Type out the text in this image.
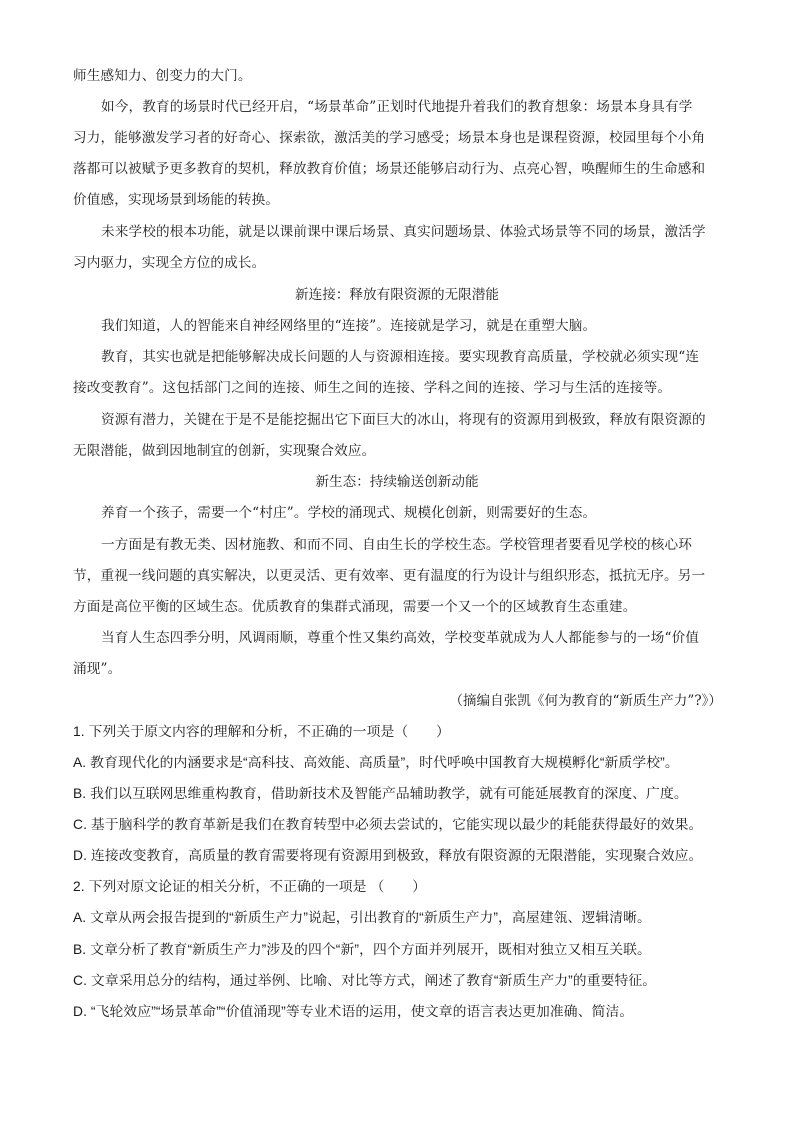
师生感知力、创变力的大门。
如今，教育的场景时代已经开启，“场景革命”正划时代地提升着我们的教育想象：场景本身具有学
习力，能够激发学习者的好奇心、探索欲，激活美的学习感受；场景本身也是课程资源，校园里每个小角
落都可以被赋予更多教育的契机，释放教育价值；场景还能够启动行为、点亮心智，唤醒师生的生命感和
价值感，实现场景到场能的转换。
未来学校的根本功能，就是以课前课中课后场景、真实问题场景、体验式场景等不同的场景，激活学
习内驱力，实现全方位的成长。
新连接：释放有限资源的无限潜能
我们知道，人的智能来自神经网络里的“连接”。连接就是学习，就是在重塑大脑。
教育，其实也就是把能够解决成长问题的人与资源相连接。要实现教育高质量，学校就必须实现“连
接改变教育”。这包括部门之间的连接、师生之间的连接、学科之间的连接、学习与生活的连接等。
资源有潜力，关键在于是不是能挖掘出它下面巨大的冰山，将现有的资源用到极致，释放有限资源的
无限潜能，做到因地制宜的创新，实现聚合效应。
新生态：持续输送创新动能
养育一个孩子，需要一个“村庄”。学校的涌现式、规模化创新，则需要好的生态。
一方面是有教无类、因材施教、和而不同、自由生长的学校生态。学校管理者要看见学校的核心环
节，重视一线问题的真实解决，以更灵活、更有效率、更有温度的行为设计与组织形态，抵抗无序。另一
方面是高位平衡的区域生态。优质教育的集群式涌现，需要一个又一个的区域教育生态重建。
当育人生态四季分明，风调雨顺，尊重个性又集约高效，学校变革就成为人人都能参与的一场“价值
涌现”。
（摘编自张凯《何为教育的“新质生产力”?》）
1. 下列关于原文内容的理解和分析，不正确的一项是（　　）
A. 教育现代化的内涵要求是“高科技、高效能、高质量”，时代呼唤中国教育大规模孵化“新质学校”。
B. 我们以互联网思维重构教育，借助新技术及智能产品辅助教学，就有可能延展教育的深度、广度。
C. 基于脑科学的教育革新是我们在教育转型中必须去尝试的，它能实现以最少的耗能获得最好的效果。
D. 连接改变教育，高质量的教育需要将现有资源用到极致，释放有限资源的无限潜能，实现聚合效应。
2. 下列对原文论证的相关分析，不正确的一项是 （　　）
A. 文章从两会报告提到的“新质生产力”说起，引出教育的“新质生产力”，高屋建瓴、逻辑清晰。
B. 文章分析了教育“新质生产力”涉及的四个“新”，四个方面并列展开，既相对独立又相互关联。
C. 文章采用总分的结构，通过举例、比喻、对比等方式，阐述了教育“新质生产力”的重要特征。
D. “飞轮效应”“场景革命”“价值涌现”等专业术语的运用，使文章的语言表达更加准确、简洁。
